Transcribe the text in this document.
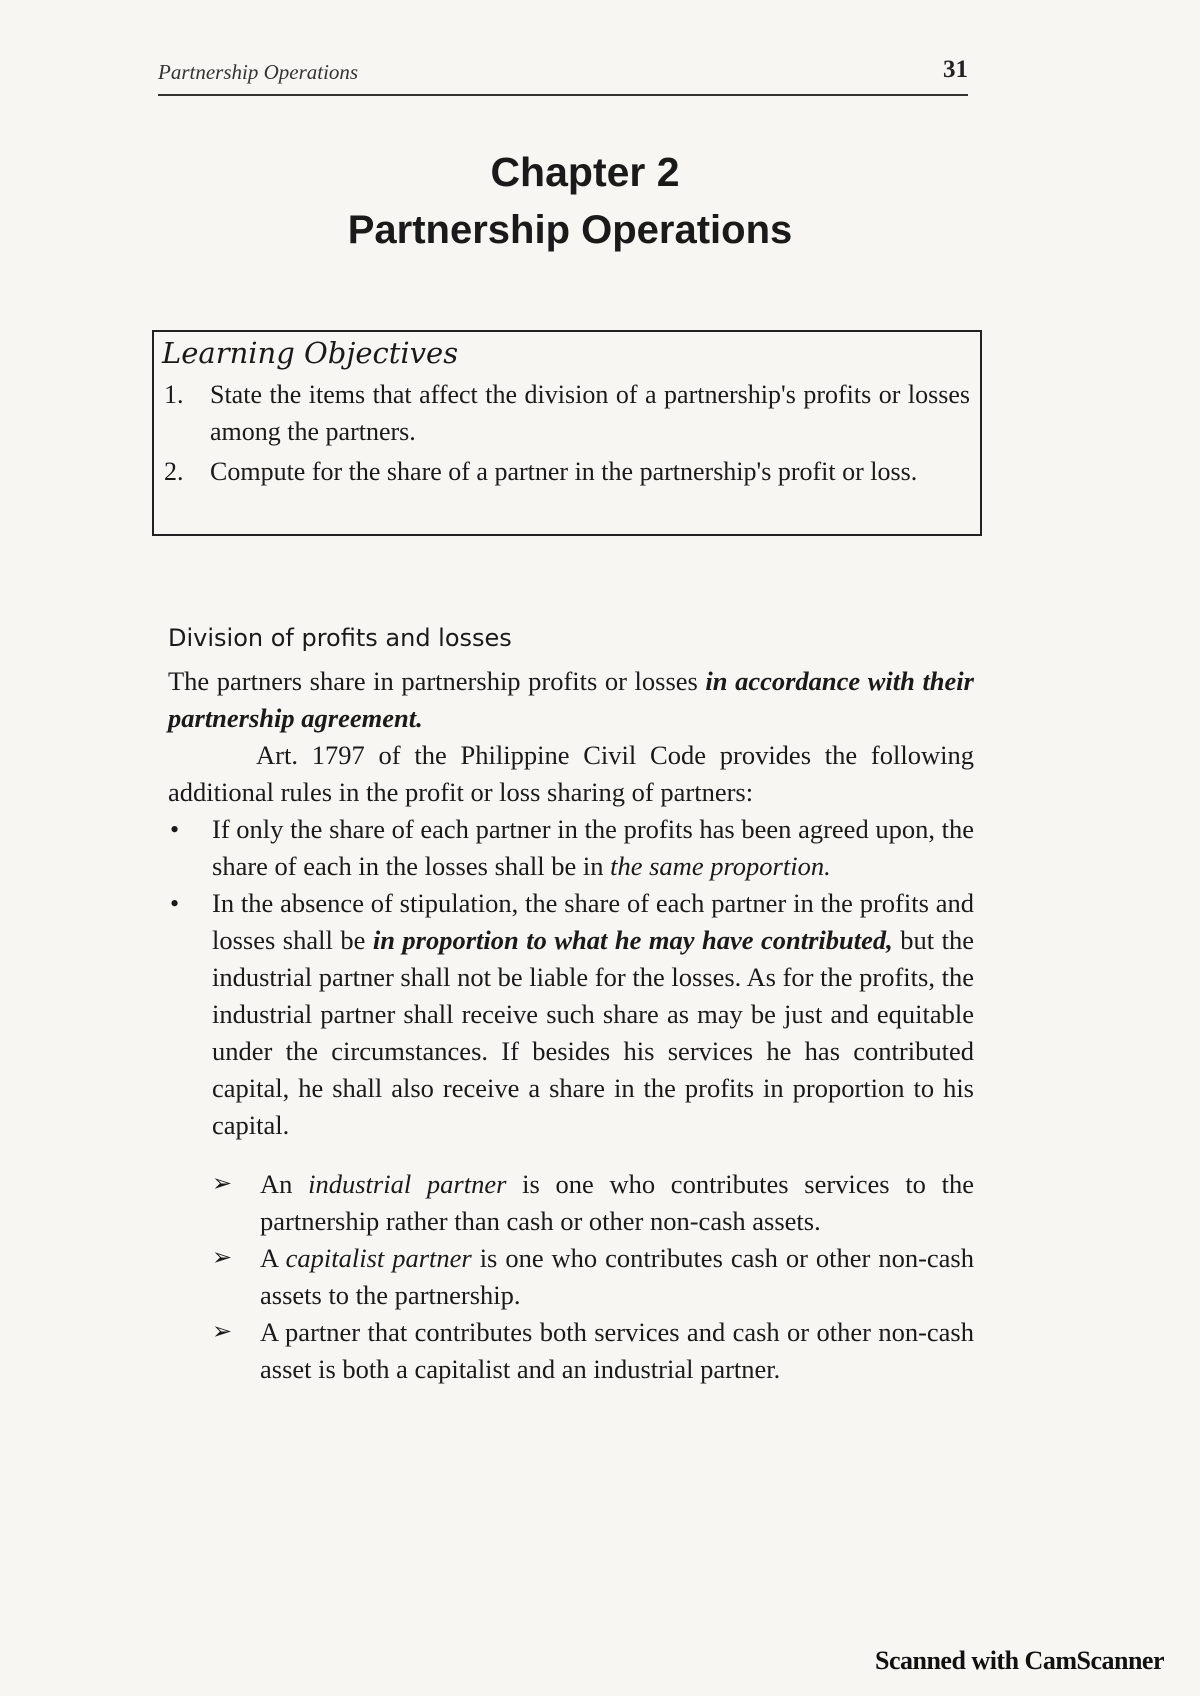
Partnership Operations	31
Chapter 2
Partnership Operations
Learning Objectives
1. State the items that affect the division of a partnership's profits or losses among the partners.
2. Compute for the share of a partner in the partnership's profit or loss.
Division of profits and losses

The partners share in partnership profits or losses in accordance with their partnership agreement.

Art. 1797 of the Philippine Civil Code provides the following additional rules in the profit or loss sharing of partners:

• If only the share of each partner in the profits has been agreed upon, the share of each in the losses shall be in the same proportion.
• In the absence of stipulation, the share of each partner in the profits and losses shall be in proportion to what he may have contributed, but the industrial partner shall not be liable for the losses. As for the profits, the industrial partner shall receive such share as may be just and equitable under the circumstances. If besides his services he has contributed capital, he shall also receive a share in the profits in proportion to his capital.
➢ An industrial partner is one who contributes services to the partnership rather than cash or other non-cash assets.
➢ A capitalist partner is one who contributes cash or other non-cash assets to the partnership.
➢ A partner that contributes both services and cash or other non-cash asset is both a capitalist and an industrial partner.
Scanned with CamScanner
